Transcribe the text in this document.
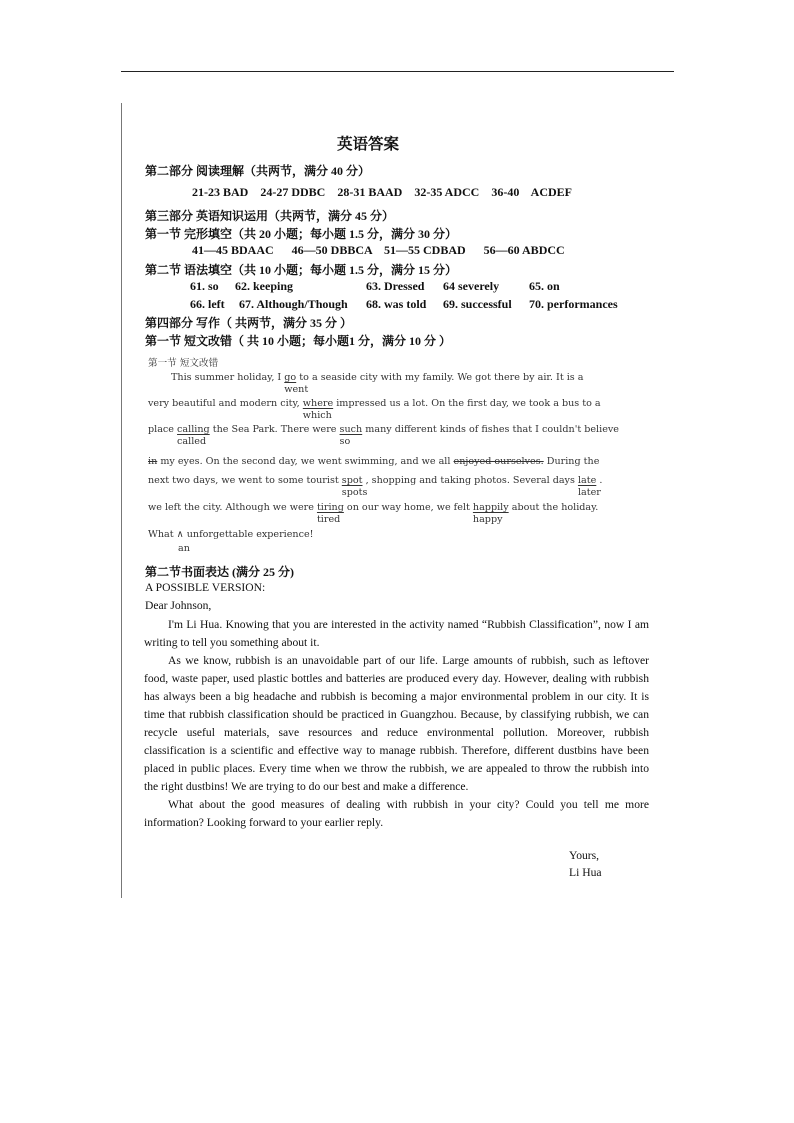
英语答案
第二部分 阅读理解（共两节，满分 40 分）
21-23 BAD    24-27 DDBC    28-31 BAAD    32-35 ADCC    36-40    ACDEF
第三部分 英语知识运用（共两节，满分 45 分）
第一节 完形填空（共 20 小题；每小题 1.5 分，满分 30 分）
41—45 BDAAC      46—50 DBBCA    51—55 CDBAD      56—60 ABDCC
第二节 语法填空（共 10 小题；每小题 1.5 分，满分 15 分）
61. so 62. keeping	63. Dressed 64 severely 65. on
66. left 67. Although/Though 68. was told 69. successful 70. performances
第四部分 写作（ 共两节，满分 35 分 ）
第一节 短文改错（ 共 10 小题；每小题1 分，满分 10 分 ）
第一节 短文改错
This summer holiday, I go
went
to a seaside city with my family. We got there by air. It is a
very beautiful and modern city, where
which
impressed us a lot. On the first day, we took a bus to a
place calling
called
the Sea Park. There were such
so
many different kinds of fishes that I couldn't believe
in my eyes. On the second day, we went swimming, and we all enjoyed ourselves. During the
next two days, we went to some tourist spot
spots
, shopping and taking photos. Several days late
later
.
we left the city. Although we were tiring
tired
on our way home, we felt happily
happy
about the holiday.
What ∧ unforgettable experience!
an
第二节书面表达 (满分 25 分)
A POSSIBLE VERSION:
Dear Johnson,

I'm Li Hua. Knowing that you are interested in the activity named “Rubbish Classification”, now I am writing to tell you something about it.

As we know, rubbish is an unavoidable part of our life. Large amounts of rubbish, such as leftover food, waste paper, used plastic bottles and batteries are produced every day. However, dealing with rubbish has always been a big headache and rubbish is becoming a major environmental problem in our city. It is time that rubbish classification should be practiced in Guangzhou. Because, by classifying rubbish, we can recycle useful materials, save resources and reduce environmental pollution. Moreover, rubbish classification is a scientific and effective way to manage rubbish. Therefore, different dustbins have been placed in public places. Every time when we throw the rubbish, we are appealed to throw the rubbish into the right dustbins! We are trying to do our best and make a difference.

What about the good measures of dealing with rubbish in your city? Could you tell me more information? Looking forward to your earlier reply.

Yours,
Li Hua
